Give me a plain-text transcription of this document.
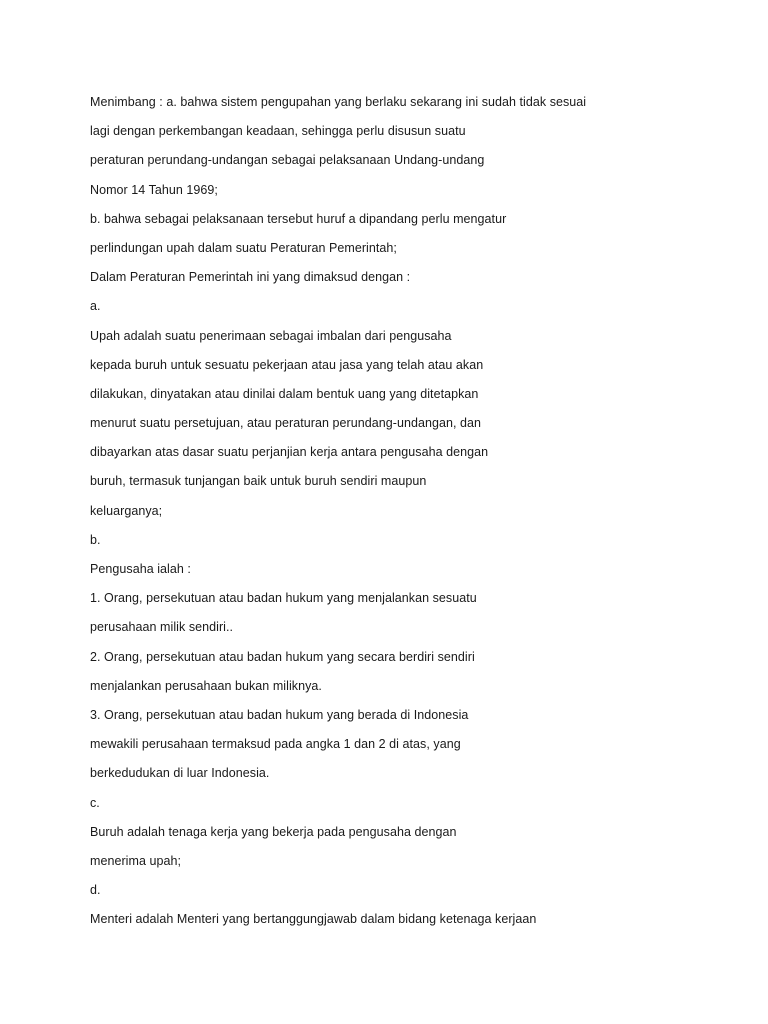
Menimbang : a. bahwa sistem pengupahan yang berlaku sekarang ini sudah tidak sesuai
lagi dengan perkembangan keadaan, sehingga perlu disusun suatu
peraturan perundang-undangan sebagai pelaksanaan Undang-undang
Nomor 14 Tahun 1969;
b. bahwa sebagai pelaksanaan tersebut huruf a dipandang perlu mengatur
perlindungan upah dalam suatu Peraturan Pemerintah;
Dalam Peraturan Pemerintah ini yang dimaksud dengan :
a.
Upah adalah suatu penerimaan sebagai imbalan dari pengusaha
kepada buruh untuk sesuatu pekerjaan atau jasa yang telah atau akan
dilakukan, dinyatakan atau dinilai dalam bentuk uang yang ditetapkan
menurut suatu persetujuan, atau peraturan perundang-undangan, dan
dibayarkan atas dasar suatu perjanjian kerja antara pengusaha dengan
buruh, termasuk tunjangan baik untuk buruh sendiri maupun
keluarganya;
b.
Pengusaha ialah :
1. Orang, persekutuan atau badan hukum yang menjalankan sesuatu
perusahaan milik sendiri..
2. Orang, persekutuan atau badan hukum yang secara berdiri sendiri
menjalankan perusahaan bukan miliknya.
3. Orang, persekutuan atau badan hukum yang berada di Indonesia
mewakili perusahaan termaksud pada angka 1 dan 2 di atas, yang
berkedudukan di luar Indonesia.
c.
Buruh adalah tenaga kerja yang bekerja pada pengusaha dengan
menerima upah;
d.
Menteri adalah Menteri yang bertanggungjawab dalam bidang ketenaga kerjaan
